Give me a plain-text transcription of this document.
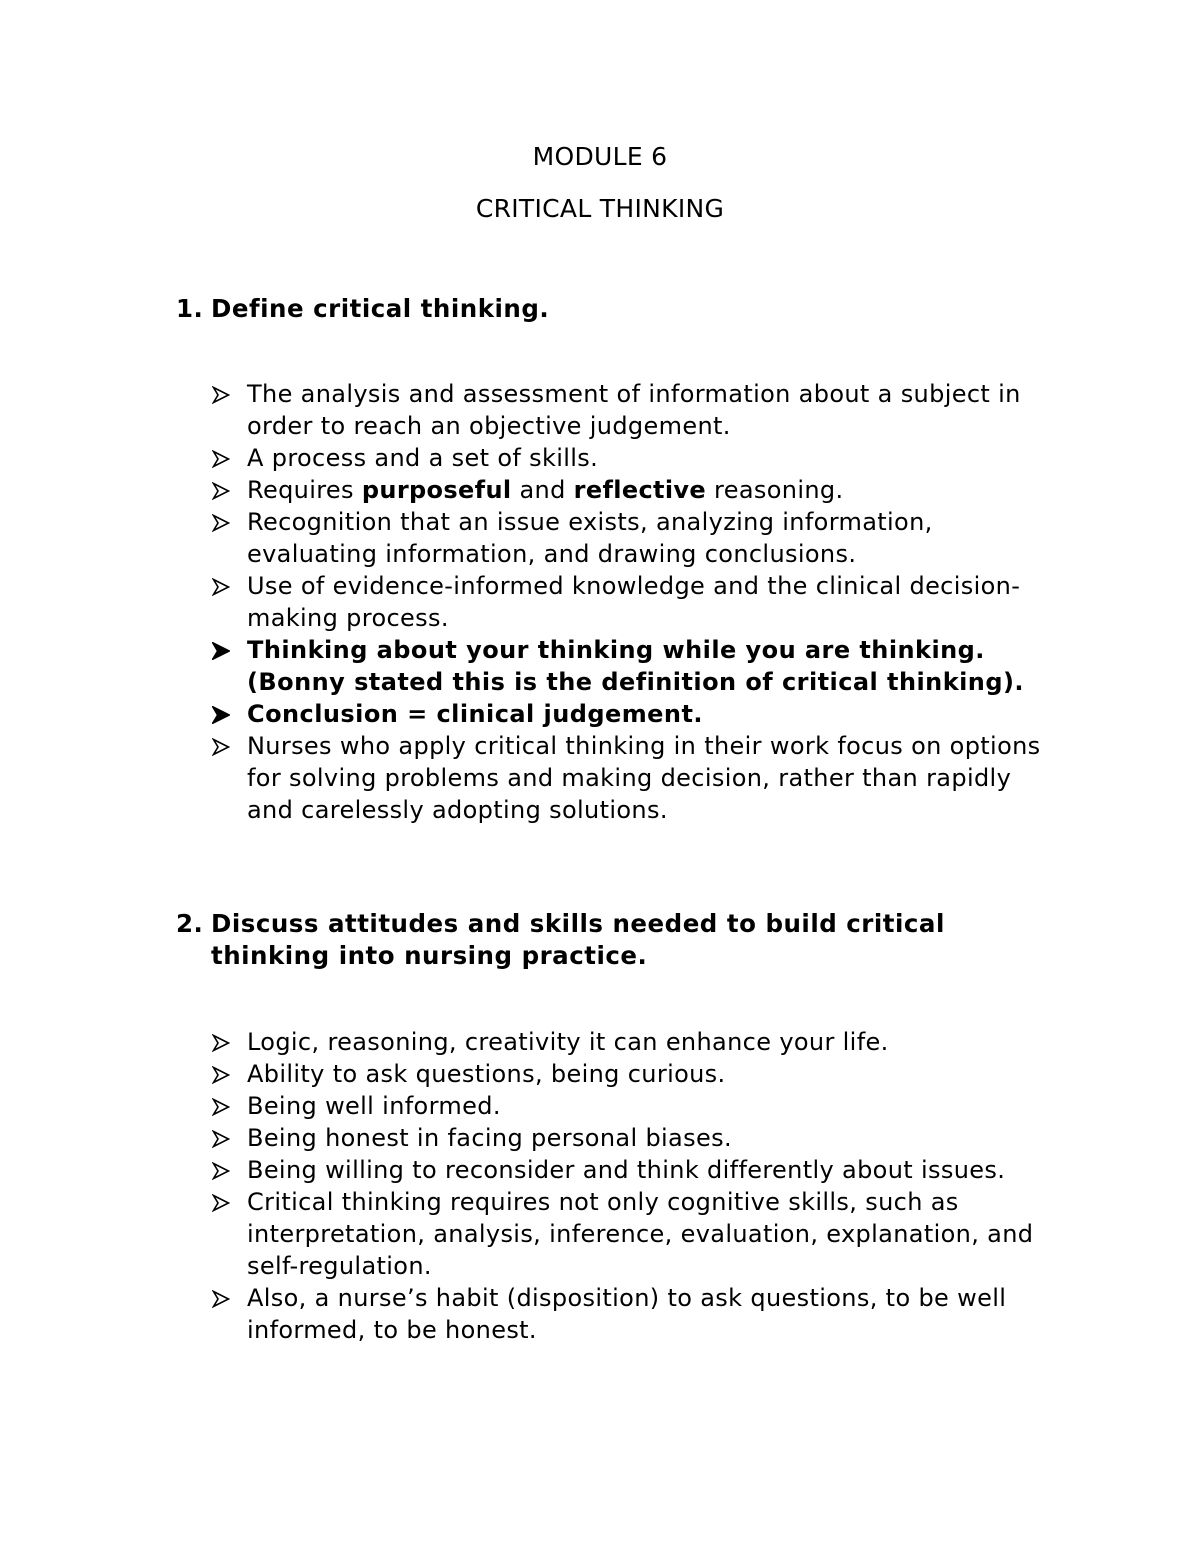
MODULE 6
CRITICAL THINKING
1. Define critical thinking.
The analysis and assessment of information about a subject in order to reach an objective judgement.
A process and a set of skills.
Requires purposeful and reflective reasoning.
Recognition that an issue exists, analyzing information, evaluating information, and drawing conclusions.
Use of evidence-informed knowledge and the clinical decision-making process.
Thinking about your thinking while you are thinking. (Bonny stated this is the definition of critical thinking).
Conclusion = clinical judgement.
Nurses who apply critical thinking in their work focus on options for solving problems and making decision, rather than rapidly and carelessly adopting solutions.
2. Discuss attitudes and skills needed to build critical thinking into nursing practice.
Logic, reasoning, creativity it can enhance your life.
Ability to ask questions, being curious.
Being well informed.
Being honest in facing personal biases.
Being willing to reconsider and think differently about issues.
Critical thinking requires not only cognitive skills, such as interpretation, analysis, inference, evaluation, explanation, and self-regulation.
Also, a nurse’s habit (disposition) to ask questions, to be well informed, to be honest.
